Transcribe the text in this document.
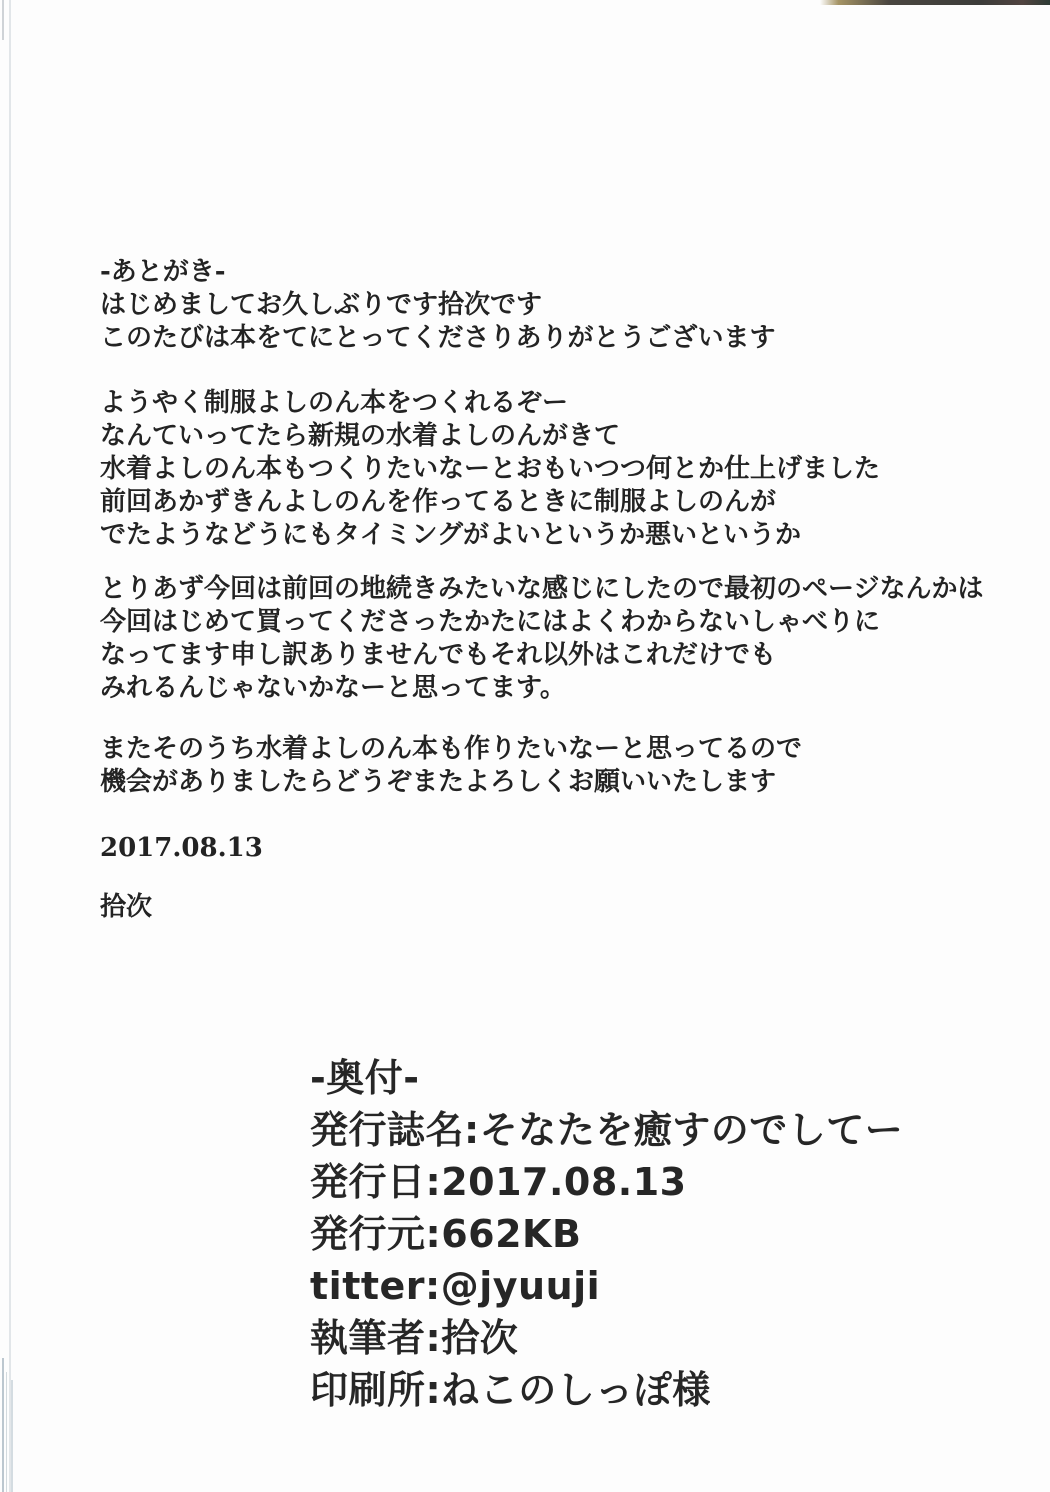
-あとがき-
はじめましてお久しぶりです拾次です
このたびは本をてにとってくださりありがとうございます
ようやく制服よしのん本をつくれるぞー
なんていってたら新規の水着よしのんがきて
水着よしのん本もつくりたいなーとおもいつつ何とか仕上げました
前回あかずきんよしのんを作ってるときに制服よしのんが
でたようなどうにもタイミングがよいというか悪いというか
とりあず今回は前回の地続きみたいな感じにしたので最初のページなんかは
今回はじめて買ってくださったかたにはよくわからないしゃべりに
なってます申し訳ありませんでもそれ以外はこれだけでも
みれるんじゃないかなーと思ってます。
またそのうち水着よしのん本も作りたいなーと思ってるので
機会がありましたらどうぞまたよろしくお願いいたします
2017.08.13
拾次
-奥付-
発行誌名:そなたを癒すのでしてー
発行日:2017.08.13
発行元:662KB
titter:@jyuuji
執筆者:拾次
印刷所:ねこのしっぽ様
